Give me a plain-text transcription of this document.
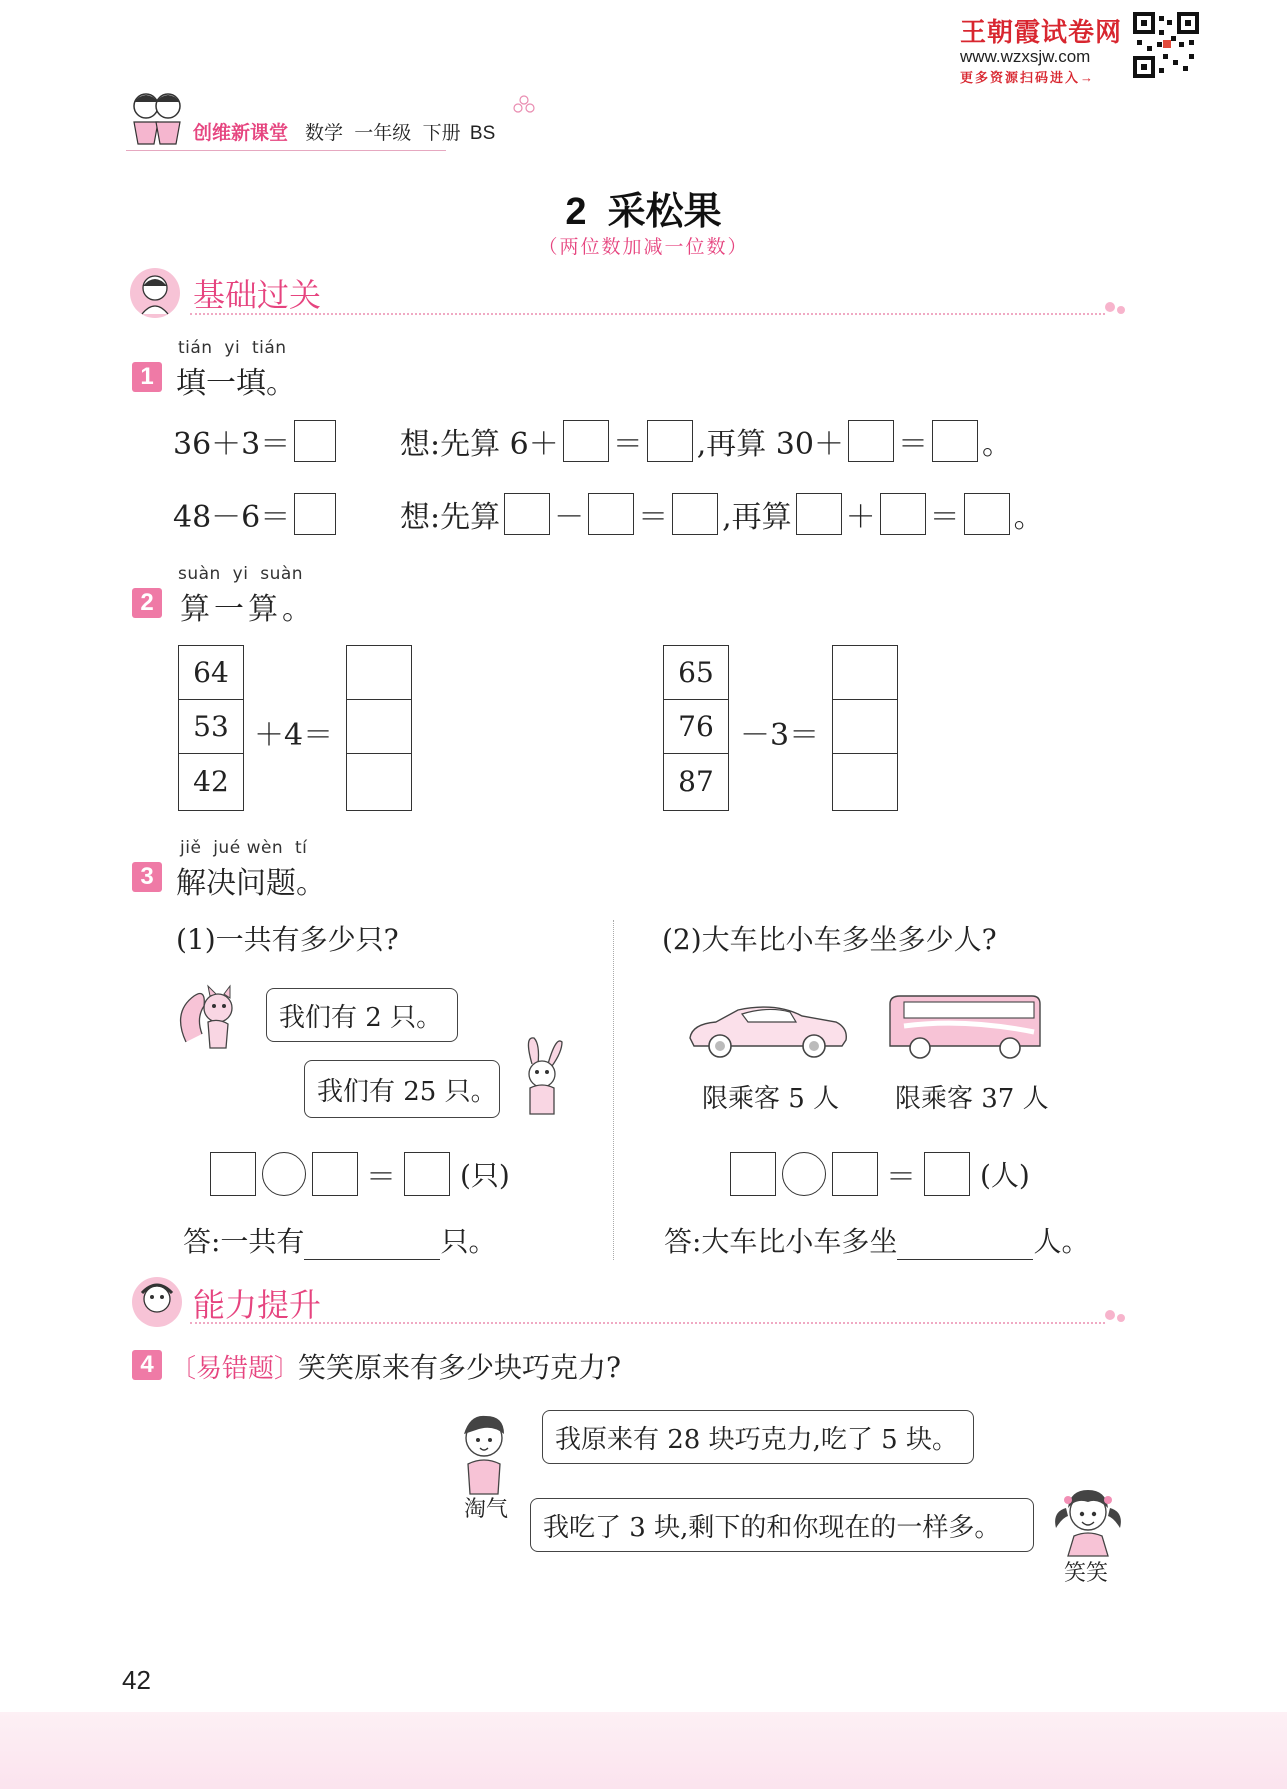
王朝霞试卷网
www.wzxsjw.com
更多资源扫码进入→
创维新课堂 数学 一年级 下册 BS
2  采松果
（两位数加减一位数）
基础过关
tián  yi  tián
1 填一填。
36＋3＝	想:先算 6＋ ＝ ,再算 30＋ ＝ 。
48－6＝	想:先算 － ＝ ,再算 ＋ ＝ 。
suàn  yi  suàn
2 算一算。
64
53
42
＋4＝
65
76
87
－3＝
jiě  jué wèn  tí
3 解决问题。
(1)一共有多少只?
我们有 2 只。
我们有 25 只。
＝ (只)
答:一共有	只。
(2)大车比小车多坐多少人?
限乘客 5 人 限乘客 37 人
＝ (人)
答:大车比小车多坐	人。
能力提升
4 〔易错题〕
笑笑原来有多少块巧克力?
我原来有 28 块巧克力,吃了 5 块。
淘气
我吃了 3 块,剩下的和你现在的一样多。
笑笑
42
